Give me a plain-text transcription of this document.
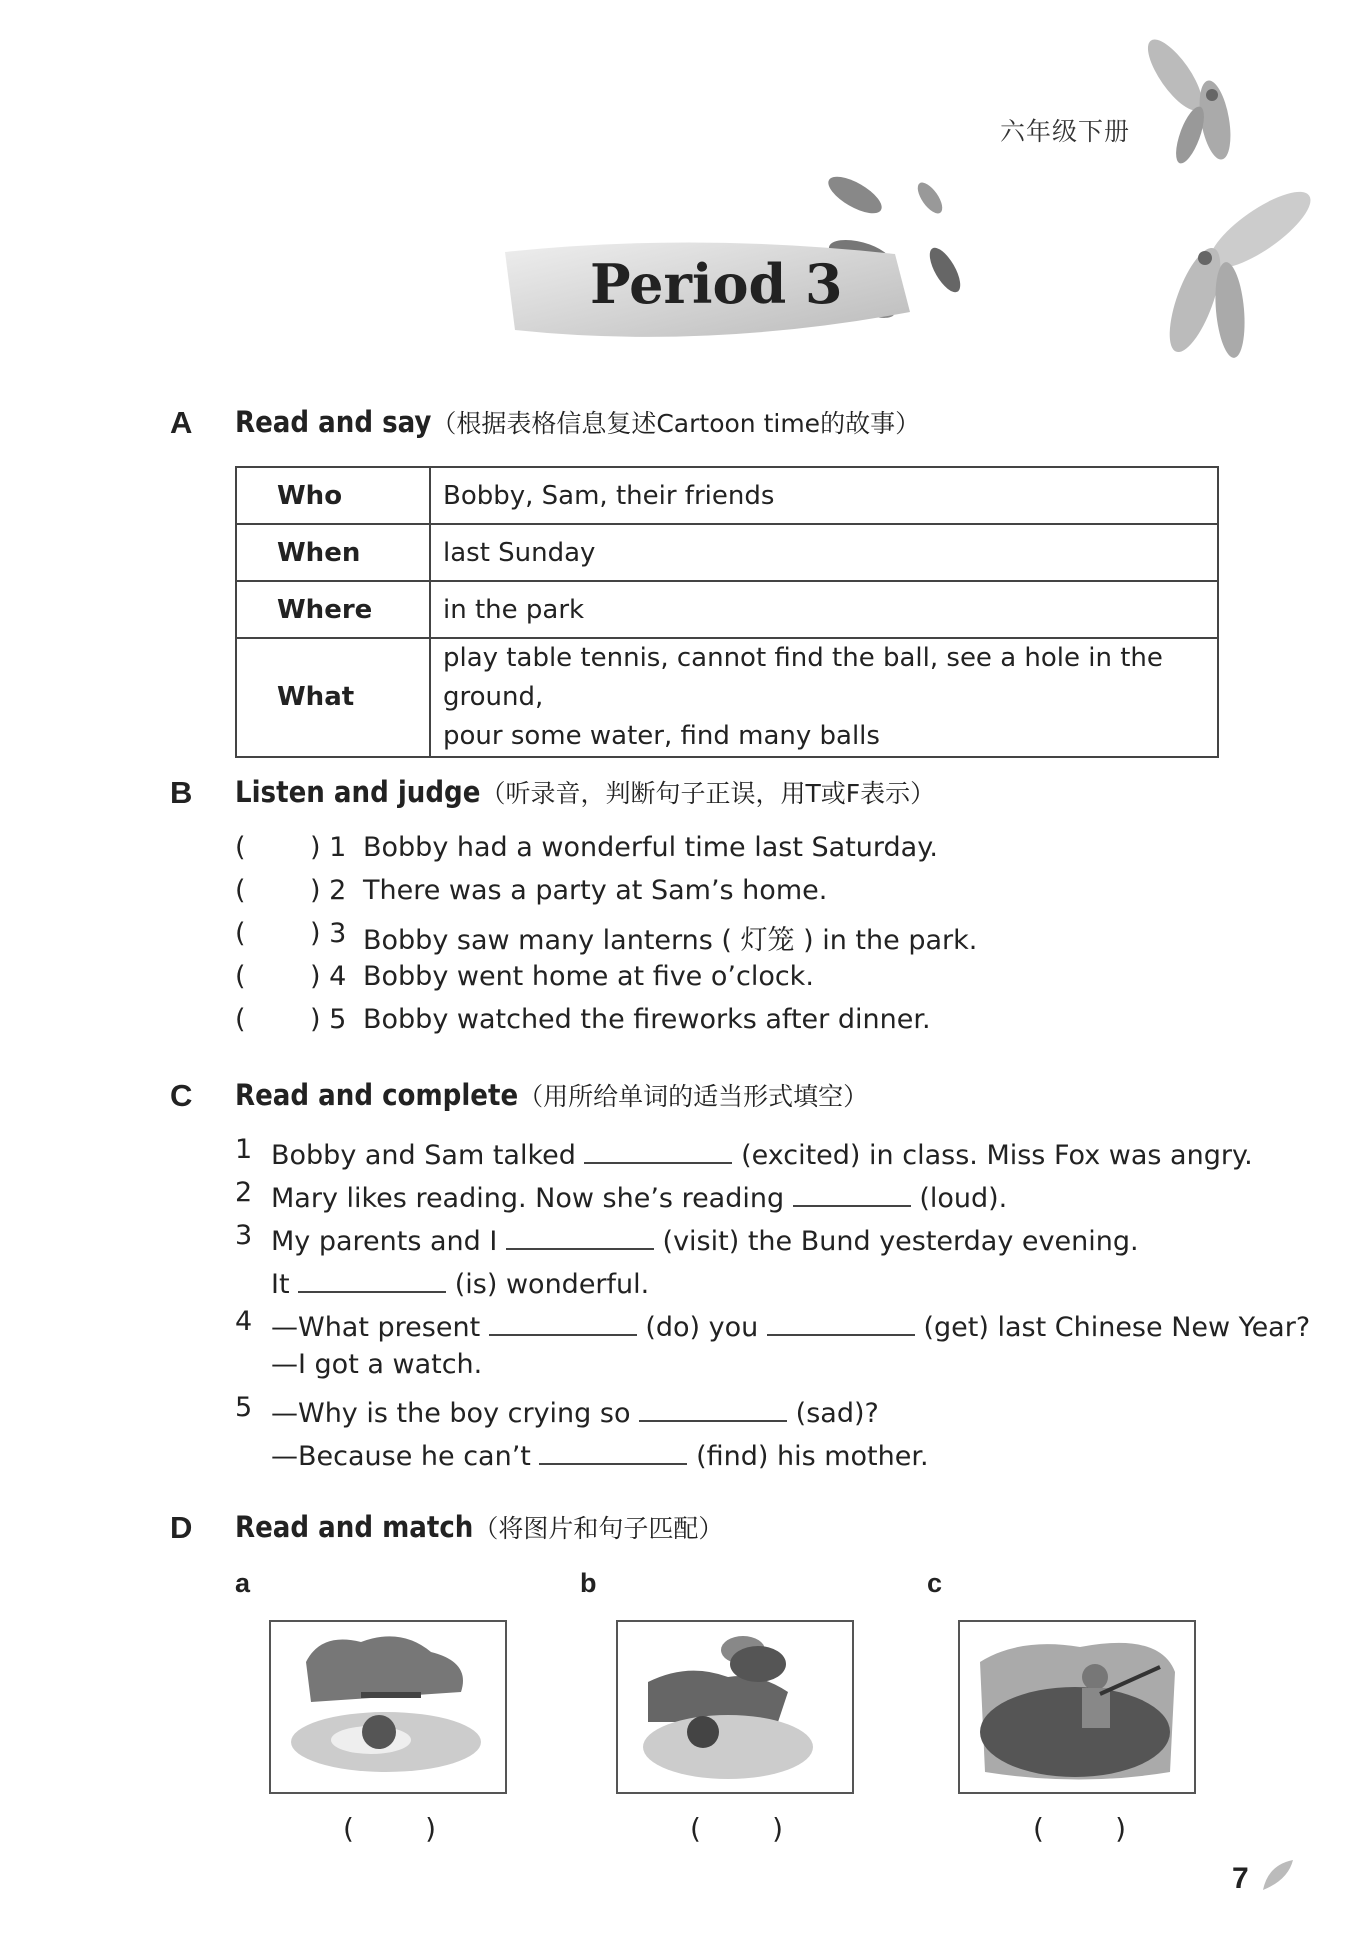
六年级下册
Period 3
A Read and say（根据表格信息复述Cartoon time的故事）
Who	Bobby, Sam, their friends
When	last Sunday
Where	in the park
What	play table tennis, cannot find the ball, see a hole in the ground,
pour some water, find many balls
B Listen and judge（听录音，判断句子正误，用T或F表示）
( ) 1 Bobby had a wonderful time last Saturday.
( ) 2 There was a party at Sam’s home.
( ) 3 Bobby saw many lanterns ( 灯笼 ) in the park.
( ) 4 Bobby went home at five o’clock.
( ) 5 Bobby watched the fireworks after dinner.
C Read and complete（用所给单词的适当形式填空）
1 Bobby and Sam talked	(excited) in class. Miss Fox was angry.
2 Mary likes reading. Now she’s reading	(loud).
3 My parents and I	(visit) the Bund yesterday evening.
It	(is) wonderful.
4 —What present	(do) you	(get) last Chinese New Year?
—I got a watch.
5 —Why is the boy crying so	(sad)?
—Because he can’t	(find) his mother.
D Read and match（将图片和句子匹配）
a	b	c
(        )	(        )	(        )
7
